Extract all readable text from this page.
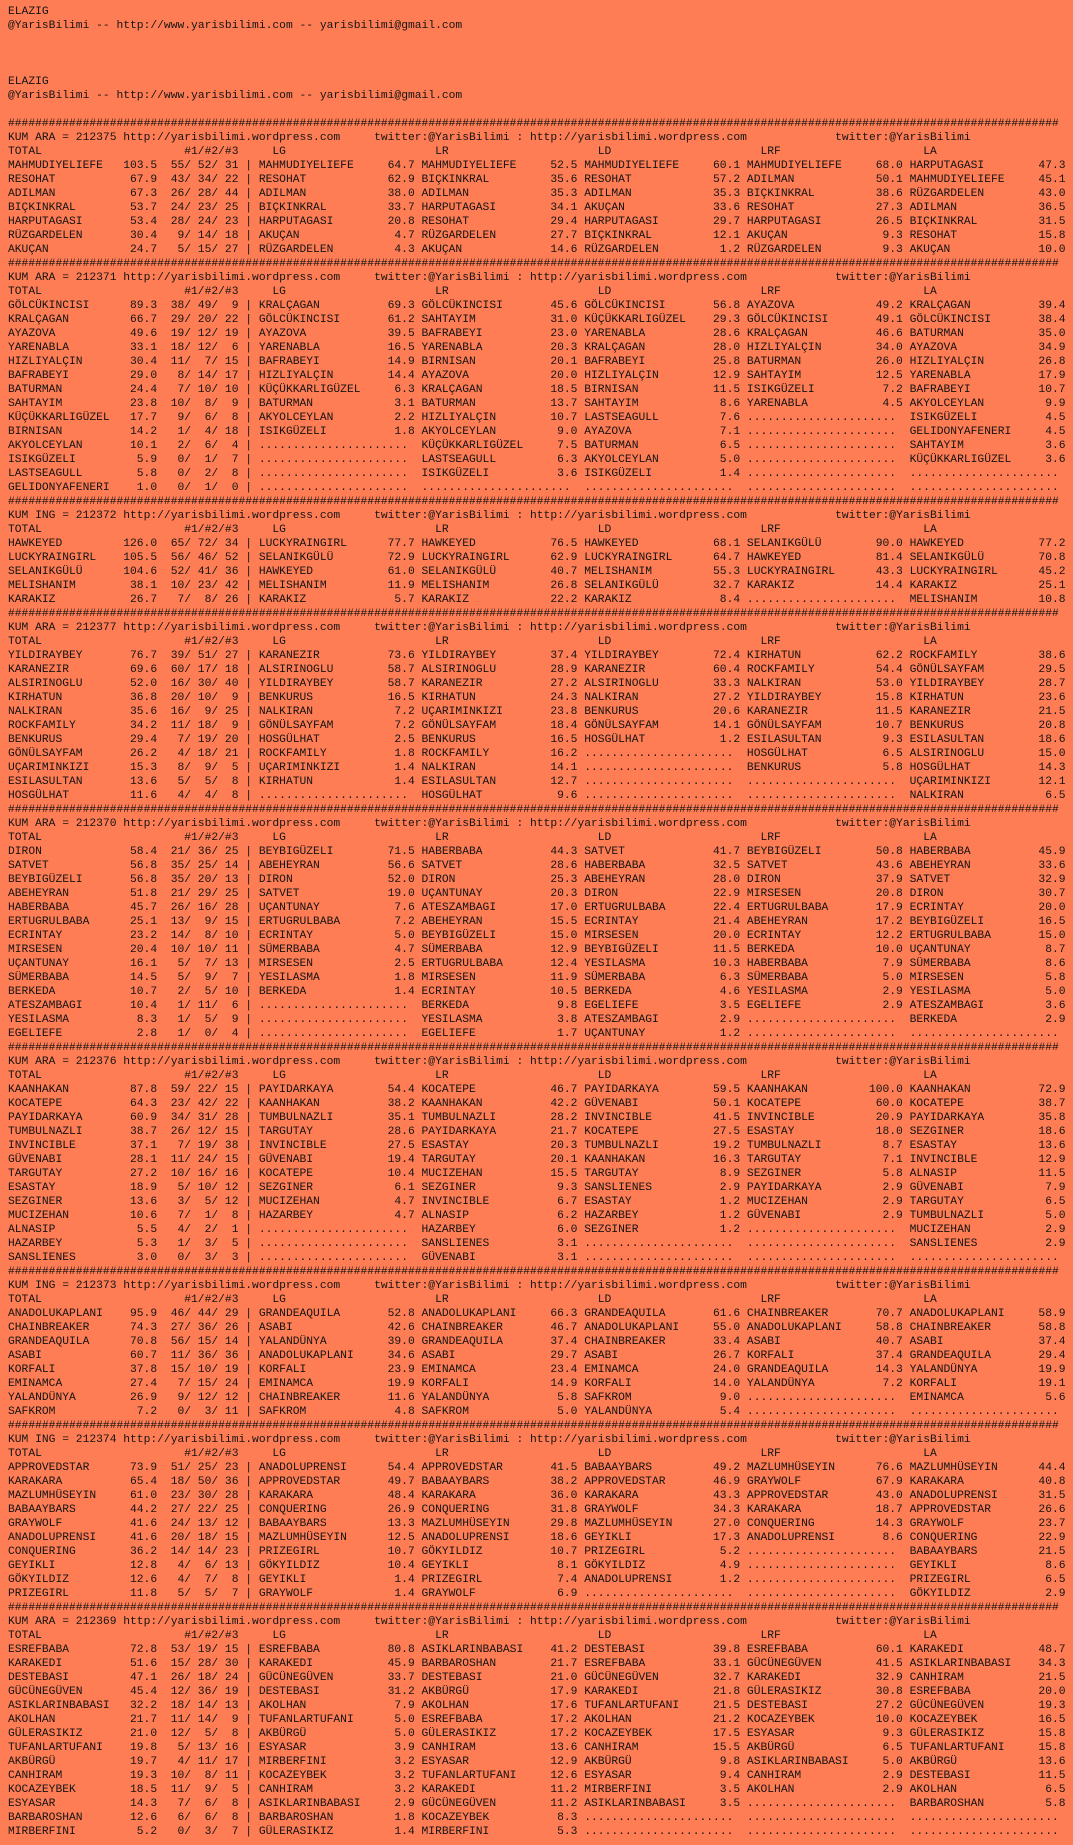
ELAZIG
@YarisBilimi -- http://www.yarisbilimi.com -- yarisbilimi@gmail.com
ELAZIG
@YarisBilimi -- http://www.yarisbilimi.com -- yarisbilimi@gmail.com
###########################################################################################################################################################
KUM ARA = 212375 http://yarisbilimi.wordpress.com	twitter:@YarisBilimi : http://yarisbilimi.wordpress.com	twitter:@YarisBilimi
TOTAL	#1/#2/#3	LG	LR	LD	LRF	LA
MAHMUDIYELIEFE	103.5	55 /	52 /	31 | MAHMUDIYELIEFE	64.7 MAHMUDIYELIEFE	52.5 MAHMUDIYELIEFE	60.1 MAHMUDIYELIEFE	68.0 HARPUTAGASI	47.3
RESOHAT	67.9	43 /	34 /	22 | RESOHAT	62.9 BIÇKINKRAL	35.6 RESOHAT	57.2 ADILMAN	50.1 MAHMUDIYELIEFE	45.1
ADILMAN	67.3	26 /	28 /	44 | ADILMAN	38.0 ADILMAN	35.3 ADILMAN	35.3 BIÇKINKRAL	38.6 RÜZGARDELEN	43.0
BIÇKINKRAL	53.7	24 /	23 /	25 | BIÇKINKRAL	33.7 HARPUTAGASI	34.1 AKUÇAN	33.6 RESOHAT	27.3 ADILMAN	36.5
HARPUTAGASI	53.4	28 /	24 /	23 | HARPUTAGASI	20.8 RESOHAT	29.4 HARPUTAGASI	29.7 HARPUTAGASI	26.5 BIÇKINKRAL	31.5
RÜZGARDELEN	30.4	9 /	14 /	18 | AKUÇAN	4.7 RÜZGARDELEN	27.7 BIÇKINKRAL	12.1 AKUÇAN	9.3 RESOHAT	15.8
AKUÇAN	24.7	5 /	15 /	27 | RÜZGARDELEN	4.3 AKUÇAN	14.6 RÜZGARDELEN	1.2 RÜZGARDELEN	9.3 AKUÇAN	10.0
###########################################################################################################################################################
KUM ARA = 212371 http://yarisbilimi.wordpress.com	twitter:@YarisBilimi : http://yarisbilimi.wordpress.com	twitter:@YarisBilimi
TOTAL	#1/#2/#3	LG	LR	LD	LRF	LA
GÖLCÜKINCISI	89.3	38 /	49 /	9 | KRALÇAGAN	69.3 GÖLCÜKINCISI	45.6 GÖLCÜKINCISI	56.8 AYAZOVA	49.2 KRALÇAGAN	39.4
KRALÇAGAN	66.7	29 /	20 /	22 | GÖLCÜKINCISI	61.2 SAHTAYIM	31.0 KÜÇÜKKARLIGÜZEL	29.3 GÖLCÜKINCISI	49.1 GÖLCÜKINCISI	38.4
AYAZOVA	49.6	19 /	12 /	19 | AYAZOVA	39.5 BAFRABEYI	23.0 YARENABLA	28.6 KRALÇAGAN	46.6 BATURMAN	35.0
YARENABLA	33.1	18 /	12 /	6 | YARENABLA	16.5 YARENABLA	20.3 KRALÇAGAN	28.0 HIZLIYALÇIN	34.0 AYAZOVA	34.9
HIZLIYALÇIN	30.4	11 /	7 /	15 | BAFRABEYI	14.9 BIRNISAN	20.1 BAFRABEYI	25.8 BATURMAN	26.0 HIZLIYALÇIN	26.8
BAFRABEYI	29.0	8 /	14 /	17 | HIZLIYALÇIN	14.4 AYAZOVA	20.0 HIZLIYALÇIN	12.9 SAHTAYIM	12.5 YARENABLA	17.9
BATURMAN	24.4	7 /	10 /	10 | KÜÇÜKKARLIGÜZEL	6.3 KRALÇAGAN	18.5 BIRNISAN	11.5 ISIKGÜZELI	7.2 BAFRABEYI	10.7
SAHTAYIM	23.8	10 /	8 /	9 | BATURMAN	3.1 BATURMAN	13.7 SAHTAYIM	8.6 YARENABLA	4.5 AKYOLCEYLAN	9.9
KÜÇÜKKARLIGÜZEL	17.7	9 /	6 /	8 | AKYOLCEYLAN	2.2 HIZLIYALÇIN	10.7 LASTSEAGULL	7.6 ......................	ISIKGÜZELI	4.5
BIRNISAN	14.2	1 /	4 /	18 | ISIKGÜZELI	1.8 AKYOLCEYLAN	9.0 AYAZOVA	7.1 ......................	GELIDONYAFENERI	4.5
AKYOLCEYLAN	10.1	2 /	6 /	4 | ......................	KÜÇÜKKARLIGÜZEL	7.5 BATURMAN	6.5 ......................	SAHTAYIM	3.6
ISIKGÜZELI	5.9	0 /	1 /	7 | ......................	LASTSEAGULL	6.3 AKYOLCEYLAN	5.0 ......................	KÜÇÜKKARLIGÜZEL	3.6
LASTSEAGULL	5.8	0 /	2 /	8 | ......................	ISIKGÜZELI	3.6 ISIKGÜZELI	1.4 ......................	......................
GELIDONYAFENERI	1.0	0 /	1 /	0 | ......................	......................	......................	......................	......................
###########################################################################################################################################################
KUM ING = 212372 http://yarisbilimi.wordpress.com	twitter:@YarisBilimi : http://yarisbilimi.wordpress.com	twitter:@YarisBilimi
TOTAL	#1/#2/#3	LG	LR	LD	LRF	LA
HAWKEYED	126.0	65 /	72 /	34 | LUCKYRAINGIRL	77.7 HAWKEYED	76.5 HAWKEYED	68.1 SELANIKGÜLÜ	90.0 HAWKEYED	77.2
LUCKYRAINGIRL	105.5	56 /	46 /	52 | SELANIKGÜLÜ	72.9 LUCKYRAINGIRL	62.9 LUCKYRAINGIRL	64.7 HAWKEYED	81.4 SELANIKGÜLÜ	70.8
SELANIKGÜLÜ	104.6	52 /	41 /	36 | HAWKEYED	61.0 SELANIKGÜLÜ	40.7 MELISHANIM	55.3 LUCKYRAINGIRL	43.3 LUCKYRAINGIRL	45.2
MELISHANIM	38.1	10 /	23 /	42 | MELISHANIM	11.9 MELISHANIM	26.8 SELANIKGÜLÜ	32.7 KARAKIZ	14.4 KARAKIZ	25.1
KARAKIZ	26.7	7 /	8 /	26 | KARAKIZ	5.7 KARAKIZ	22.2 KARAKIZ	8.4 ......................	MELISHANIM	10.8
###########################################################################################################################################################
KUM ARA = 212377 http://yarisbilimi.wordpress.com	twitter:@YarisBilimi : http://yarisbilimi.wordpress.com	twitter:@YarisBilimi
TOTAL	#1/#2/#3	LG	LR	LD	LRF	LA
YILDIRAYBEY	76.7	39 /	51 /	27 | KARANEZIR	73.6 YILDIRAYBEY	37.4 YILDIRAYBEY	72.4 KIRHATUN	62.2 ROCKFAMILY	38.6
KARANEZIR	69.6	60 /	17 /	18 | ALSIRINOGLU	58.7 ALSIRINOGLU	28.9 KARANEZIR	60.4 ROCKFAMILY	54.4 GÖNÜLSAYFAM	29.5
ALSIRINOGLU	52.0	16 /	30 /	40 | YILDIRAYBEY	58.7 KARANEZIR	27.2 ALSIRINOGLU	33.3 NALKIRAN	53.0 YILDIRAYBEY	28.7
KIRHATUN	36.8	20 /	10 /	9 | BENKURUS	16.5 KIRHATUN	24.3 NALKIRAN	27.2 YILDIRAYBEY	15.8 KIRHATUN	23.6
NALKIRAN	35.6	16 /	9 /	25 | NALKIRAN	7.2 UÇARIMINKIZI	23.8 BENKURUS	20.6 KARANEZIR	11.5 KARANEZIR	21.5
ROCKFAMILY	34.2	11 /	18 /	9 | GÖNÜLSAYFAM	7.2 GÖNÜLSAYFAM	18.4 GÖNÜLSAYFAM	14.1 GÖNÜLSAYFAM	10.7 BENKURUS	20.8
BENKURUS	29.4	7 /	19 /	20 | HOSGÜLHAT	2.5 BENKURUS	16.5 HOSGÜLHAT	1.2 ESILASULTAN	9.3 ESILASULTAN	18.6
GÖNÜLSAYFAM	26.2	4 /	18 /	21 | ROCKFAMILY	1.8 ROCKFAMILY	16.2 ......................	HOSGÜLHAT	6.5 ALSIRINOGLU	15.0
UÇARIMINKIZI	15.3	8 /	9 /	5 | UÇARIMINKIZI	1.4 NALKIRAN	14.1 ......................	BENKURUS	5.8 HOSGÜLHAT	14.3
ESILASULTAN	13.6	5 /	5 /	8 | KIRHATUN	1.4 ESILASULTAN	12.7 ......................	......................	UÇARIMINKIZI	12.1
HOSGÜLHAT	11.6	4 /	4 /	8 | ......................	HOSGÜLHAT	9.6 ......................	......................	NALKIRAN	6.5
###########################################################################################################################################################
KUM ARA = 212370 http://yarisbilimi.wordpress.com	twitter:@YarisBilimi : http://yarisbilimi.wordpress.com	twitter:@YarisBilimi
TOTAL	#1/#2/#3	LG	LR	LD	LRF	LA
DIRON	58.4	21 /	36 /	25 | BEYBIGÜZELI	71.5 HABERBABA	44.3 SATVET	41.7 BEYBIGÜZELI	50.8 HABERBABA	45.9
SATVET	56.8	35 /	25 /	14 | ABEHEYRAN	56.6 SATVET	28.6 HABERBABA	32.5 SATVET	43.6 ABEHEYRAN	33.6
BEYBIGÜZELI	56.8	35 /	20 /	13 | DIRON	52.0 DIRON	25.3 ABEHEYRAN	28.0 DIRON	37.9 SATVET	32.9
ABEHEYRAN	51.8	21 /	29 /	25 | SATVET	19.0 UÇANTUNAY	20.3 DIRON	22.9 MIRSESEN	20.8 DIRON	30.7
HABERBABA	45.7	26 /	16 /	28 | UÇANTUNAY	7.6 ATESZAMBAGI	17.0 ERTUGRULBABA	22.4 ERTUGRULBABA	17.9 ECRINTAY	20.0
ERTUGRULBABA	25.1	13 /	9 /	15 | ERTUGRULBABA	7.2 ABEHEYRAN	15.5 ECRINTAY	21.4 ABEHEYRAN	17.2 BEYBIGÜZELI	16.5
ECRINTAY	23.2	14 /	8 /	10 | ECRINTAY	5.0 BEYBIGÜZELI	15.0 MIRSESEN	20.0 ECRINTAY	12.2 ERTUGRULBABA	15.0
MIRSESEN	20.4	10 /	10 /	11 | SÜMERBABA	4.7 SÜMERBABA	12.9 BEYBIGÜZELI	11.5 BERKEDA	10.0 UÇANTUNAY	8.7
UÇANTUNAY	16.1	5 /	7 /	13 | MIRSESEN	2.5 ERTUGRULBABA	12.4 YESILASMA	10.3 HABERBABA	7.9 SÜMERBABA	8.6
SÜMERBABA	14.5	5 /	9 /	7 | YESILASMA	1.8 MIRSESEN	11.9 SÜMERBABA	6.3 SÜMERBABA	5.0 MIRSESEN	5.8
BERKEDA	10.7	2 /	5 /	10 | BERKEDA	1.4 ECRINTAY	10.5 BERKEDA	4.6 YESILASMA	2.9 YESILASMA	5.0
ATESZAMBAGI	10.4	1 /	11 /	6 | ......................	BERKEDA	9.8 EGELIEFE	3.5 EGELIEFE	2.9 ATESZAMBAGI	3.6
YESILASMA	8.3	1 /	5 /	9 | ......................	YESILASMA	3.8 ATESZAMBAGI	2.9 ......................	BERKEDA	2.9
EGELIEFE	2.8	1 /	0 /	4 | ......................	EGELIEFE	1.7 UÇANTUNAY	1.2 ......................	......................
###########################################################################################################################################################
KUM ARA = 212376 http://yarisbilimi.wordpress.com	twitter:@YarisBilimi : http://yarisbilimi.wordpress.com	twitter:@YarisBilimi
TOTAL	#1/#2/#3	LG	LR	LD	LRF	LA
KAANHAKAN	87.8	59 /	22 /	15 | PAYIDARKAYA	54.4 KOCATEPE	46.7 PAYIDARKAYA	59.5 KAANHAKAN	100.0 KAANHAKAN	72.9
KOCATEPE	64.3	23 /	42 /	22 | KAANHAKAN	38.2 KAANHAKAN	42.2 GÜVENABI	50.1 KOCATEPE	60.0 KOCATEPE	38.7
PAYIDARKAYA	60.9	34 /	31 /	28 | TUMBULNAZLI	35.1 TUMBULNAZLI	28.2 INVINCIBLE	41.5 INVINCIBLE	20.9 PAYIDARKAYA	35.8
TUMBULNAZLI	38.7	26 /	12 /	15 | TARGUTAY	28.6 PAYIDARKAYA	21.7 KOCATEPE	27.5 ESASTAY	18.0 SEZGINER	18.6
INVINCIBLE	37.1	7 /	19 /	38 | INVINCIBLE	27.5 ESASTAY	20.3 TUMBULNAZLI	19.2 TUMBULNAZLI	8.7 ESASTAY	13.6
GÜVENABI	28.1	11 /	24 /	15 | GÜVENABI	19.4 TARGUTAY	20.1 KAANHAKAN	16.3 TARGUTAY	7.1 INVINCIBLE	12.9
TARGUTAY	27.2	10 /	16 /	16 | KOCATEPE	10.4 MUCIZEHAN	15.5 TARGUTAY	8.9 SEZGINER	5.8 ALNASIP	11.5
ESASTAY	18.9	5 /	10 /	12 | SEZGINER	6.1 SEZGINER	9.3 SANSLIENES	2.9 PAYIDARKAYA	2.9 GÜVENABI	7.9
SEZGINER	13.6	3 /	5 /	12 | MUCIZEHAN	4.7 INVINCIBLE	6.7 ESASTAY	1.2 MUCIZEHAN	2.9 TARGUTAY	6.5
MUCIZEHAN	10.6	7 /	1 /	8 | HAZARBEY	4.7 ALNASIP	6.2 HAZARBEY	1.2 GÜVENABI	2.9 TUMBULNAZLI	5.0
ALNASIP	5.5	4 /	2 /	1 | ......................	HAZARBEY	6.0 SEZGINER	1.2 ......................	MUCIZEHAN	2.9
HAZARBEY	5.3	1 /	3 /	5 | ......................	SANSLIENES	3.1 ......................	......................	SANSLIENES	2.9
SANSLIENES	3.0	0 /	3 /	3 | ......................	GÜVENABI	3.1 ......................	......................	......................
###########################################################################################################################################################
KUM ING = 212373 http://yarisbilimi.wordpress.com	twitter:@YarisBilimi : http://yarisbilimi.wordpress.com	twitter:@YarisBilimi
TOTAL	#1/#2/#3	LG	LR	LD	LRF	LA
ANADOLUKAPLANI	95.9	46 /	44 /	29 | GRANDEAQUILA	52.8 ANADOLUKAPLANI	66.3 GRANDEAQUILA	61.6 CHAINBREAKER	70.7 ANADOLUKAPLANI	58.9
CHAINBREAKER	74.3	27 /	36 /	26 | ASABI	42.6 CHAINBREAKER	46.7 ANADOLUKAPLANI	55.0 ANADOLUKAPLANI	58.8 CHAINBREAKER	58.8
GRANDEAQUILA	70.8	56 /	15 /	14 | YALANDÜNYA	39.0 GRANDEAQUILA	37.4 CHAINBREAKER	33.4 ASABI	40.7 ASABI	37.4
ASABI	60.7	11 /	36 /	36 | ANADOLUKAPLANI	34.6 ASABI	29.7 ASABI	26.7 KORFALI	37.4 GRANDEAQUILA	29.4
KORFALI	37.8	15 /	10 /	19 | KORFALI	23.9 EMINAMCA	23.4 EMINAMCA	24.0 GRANDEAQUILA	14.3 YALANDÜNYA	19.9
EMINAMCA	27.4	7 /	15 /	24 | EMINAMCA	19.9 KORFALI	14.9 KORFALI	14.0 YALANDÜNYA	7.2 KORFALI	19.1
YALANDÜNYA	26.9	9 /	12 /	12 | CHAINBREAKER	11.6 YALANDÜNYA	5.8 SAFKROM	9.0 ......................	EMINAMCA	5.6
SAFKROM	7.2	0 /	3 /	11 | SAFKROM	4.8 SAFKROM	5.0 YALANDÜNYA	5.4 ......................	......................
###########################################################################################################################################################
KUM ING = 212374 http://yarisbilimi.wordpress.com	twitter:@YarisBilimi : http://yarisbilimi.wordpress.com	twitter:@YarisBilimi
TOTAL	#1/#2/#3	LG	LR	LD	LRF	LA
APPROVEDSTAR	73.9	51 /	25 /	23 | ANADOLUPRENSI	54.4 APPROVEDSTAR	41.5 BABAAYBARS	49.2 MAZLUMHÜSEYIN	76.6 MAZLUMHÜSEYIN	44.4
KARAKARA	65.4	18 /	50 /	36 | APPROVEDSTAR	49.7 BABAAYBARS	38.2 APPROVEDSTAR	46.9 GRAYWOLF	67.9 KARAKARA	40.8
MAZLUMHÜSEYIN	61.0	23 /	30 /	28 | KARAKARA	48.4 KARAKARA	36.0 KARAKARA	43.3 APPROVEDSTAR	43.0 ANADOLUPRENSI	31.5
BABAAYBARS	44.2	27 /	22 /	25 | CONQUERING	26.9 CONQUERING	31.8 GRAYWOLF	34.3 KARAKARA	18.7 APPROVEDSTAR	26.6
GRAYWOLF	41.6	24 /	13 /	12 | BABAAYBARS	13.3 MAZLUMHÜSEYIN	29.8 MAZLUMHÜSEYIN	27.0 CONQUERING	14.3 GRAYWOLF	23.7
ANADOLUPRENSI	41.6	20 /	18 /	15 | MAZLUMHÜSEYIN	12.5 ANADOLUPRENSI	18.6 GEYIKLI	17.3 ANADOLUPRENSI	8.6 CONQUERING	22.9
CONQUERING	36.2	14 /	14 /	23 | PRIZEGIRL	10.7 GÖKYILDIZ	10.7 PRIZEGIRL	5.2 ......................	BABAAYBARS	21.5
GEYIKLI	12.8	4 /	6 /	13 | GÖKYILDIZ	10.4 GEYIKLI	8.1 GÖKYILDIZ	4.9 ......................	GEYIKLI	8.6
GÖKYILDIZ	12.6	4 /	7 /	8 | GEYIKLI	1.4 PRIZEGIRL	7.4 ANADOLUPRENSI	1.2 ......................	PRIZEGIRL	6.5
PRIZEGIRL	11.8	5 /	5 /	7 | GRAYWOLF	1.4 GRAYWOLF	6.9 ......................	......................	GÖKYILDIZ	2.9
###########################################################################################################################################################
KUM ARA = 212369 http://yarisbilimi.wordpress.com	twitter:@YarisBilimi : http://yarisbilimi.wordpress.com	twitter:@YarisBilimi
TOTAL	#1/#2/#3	LG	LR	LD	LRF	LA
ESREFBABA	72.8	53 /	19 /	15 | ESREFBABA	80.8 ASIKLARINBABASI	41.2 DESTEBASI	39.8 ESREFBABA	60.1 KARAKEDI	48.7
KARAKEDI	51.6	15 /	28 /	30 | KARAKEDI	45.9 BARBAROSHAN	21.7 ESREFBABA	33.1 GÜCÜNEGÜVEN	41.5 ASIKLARINBABASI	34.3
DESTEBASI	47.1	26 /	18 /	24 | GÜCÜNEGÜVEN	33.7 DESTEBASI	21.0 GÜCÜNEGÜVEN	32.7 KARAKEDI	32.9 CANHIRAM	21.5
GÜCÜNEGÜVEN	45.4	12 /	36 /	19 | DESTEBASI	31.2 AKBÜRGÜ	17.9 KARAKEDI	21.8 GÜLERASIKIZ	30.8 ESREFBABA	20.0
ASIKLARINBABASI	32.2	18 /	14 /	13 | AKOLHAN	7.9 AKOLHAN	17.6 TUFANLARTUFANI	21.5 DESTEBASI	27.2 GÜCÜNEGÜVEN	19.3
AKOLHAN	21.7	11 /	14 /	9 | TUFANLARTUFANI	5.0 ESREFBABA	17.2 AKOLHAN	21.2 KOCAZEYBEK	10.0 KOCAZEYBEK	16.5
GÜLERASIKIZ	21.0	12 /	5 /	8 | AKBÜRGÜ	5.0 GÜLERASIKIZ	17.2 KOCAZEYBEK	17.5 ESYASAR	9.3 GÜLERASIKIZ	15.8
TUFANLARTUFANI	19.8	5 /	13 /	16 | ESYASAR	3.9 CANHIRAM	13.6 CANHIRAM	15.5 AKBÜRGÜ	6.5 TUFANLARTUFANI	15.8
AKBÜRGÜ	19.7	4 /	11 /	17 | MIRBERFINI	3.2 ESYASAR	12.9 AKBÜRGÜ	9.8 ASIKLARINBABASI	5.0 AKBÜRGÜ	13.6
CANHIRAM	19.3	10 /	8 /	11 | KOCAZEYBEK	3.2 TUFANLARTUFANI	12.6 ESYASAR	9.4 CANHIRAM	2.9 DESTEBASI	11.5
KOCAZEYBEK	18.5	11 /	9 /	5 | CANHIRAM	3.2 KARAKEDI	11.2 MIRBERFINI	3.5 AKOLHAN	2.9 AKOLHAN	6.5
ESYASAR	14.3	7 /	6 /	8 | ASIKLARINBABASI	2.9 GÜCÜNEGÜVEN	11.2 ASIKLARINBABASI	3.5 ......................	BARBAROSHAN	5.8
BARBAROSHAN	12.6	6 /	6 /	8 | BARBAROSHAN	1.8 KOCAZEYBEK	8.3 ......................	......................	......................
MIRBERFINI	5.2	0 /	3 /	7 | GÜLERASIKIZ	1.4 MIRBERFINI	5.3 ......................	......................	......................
